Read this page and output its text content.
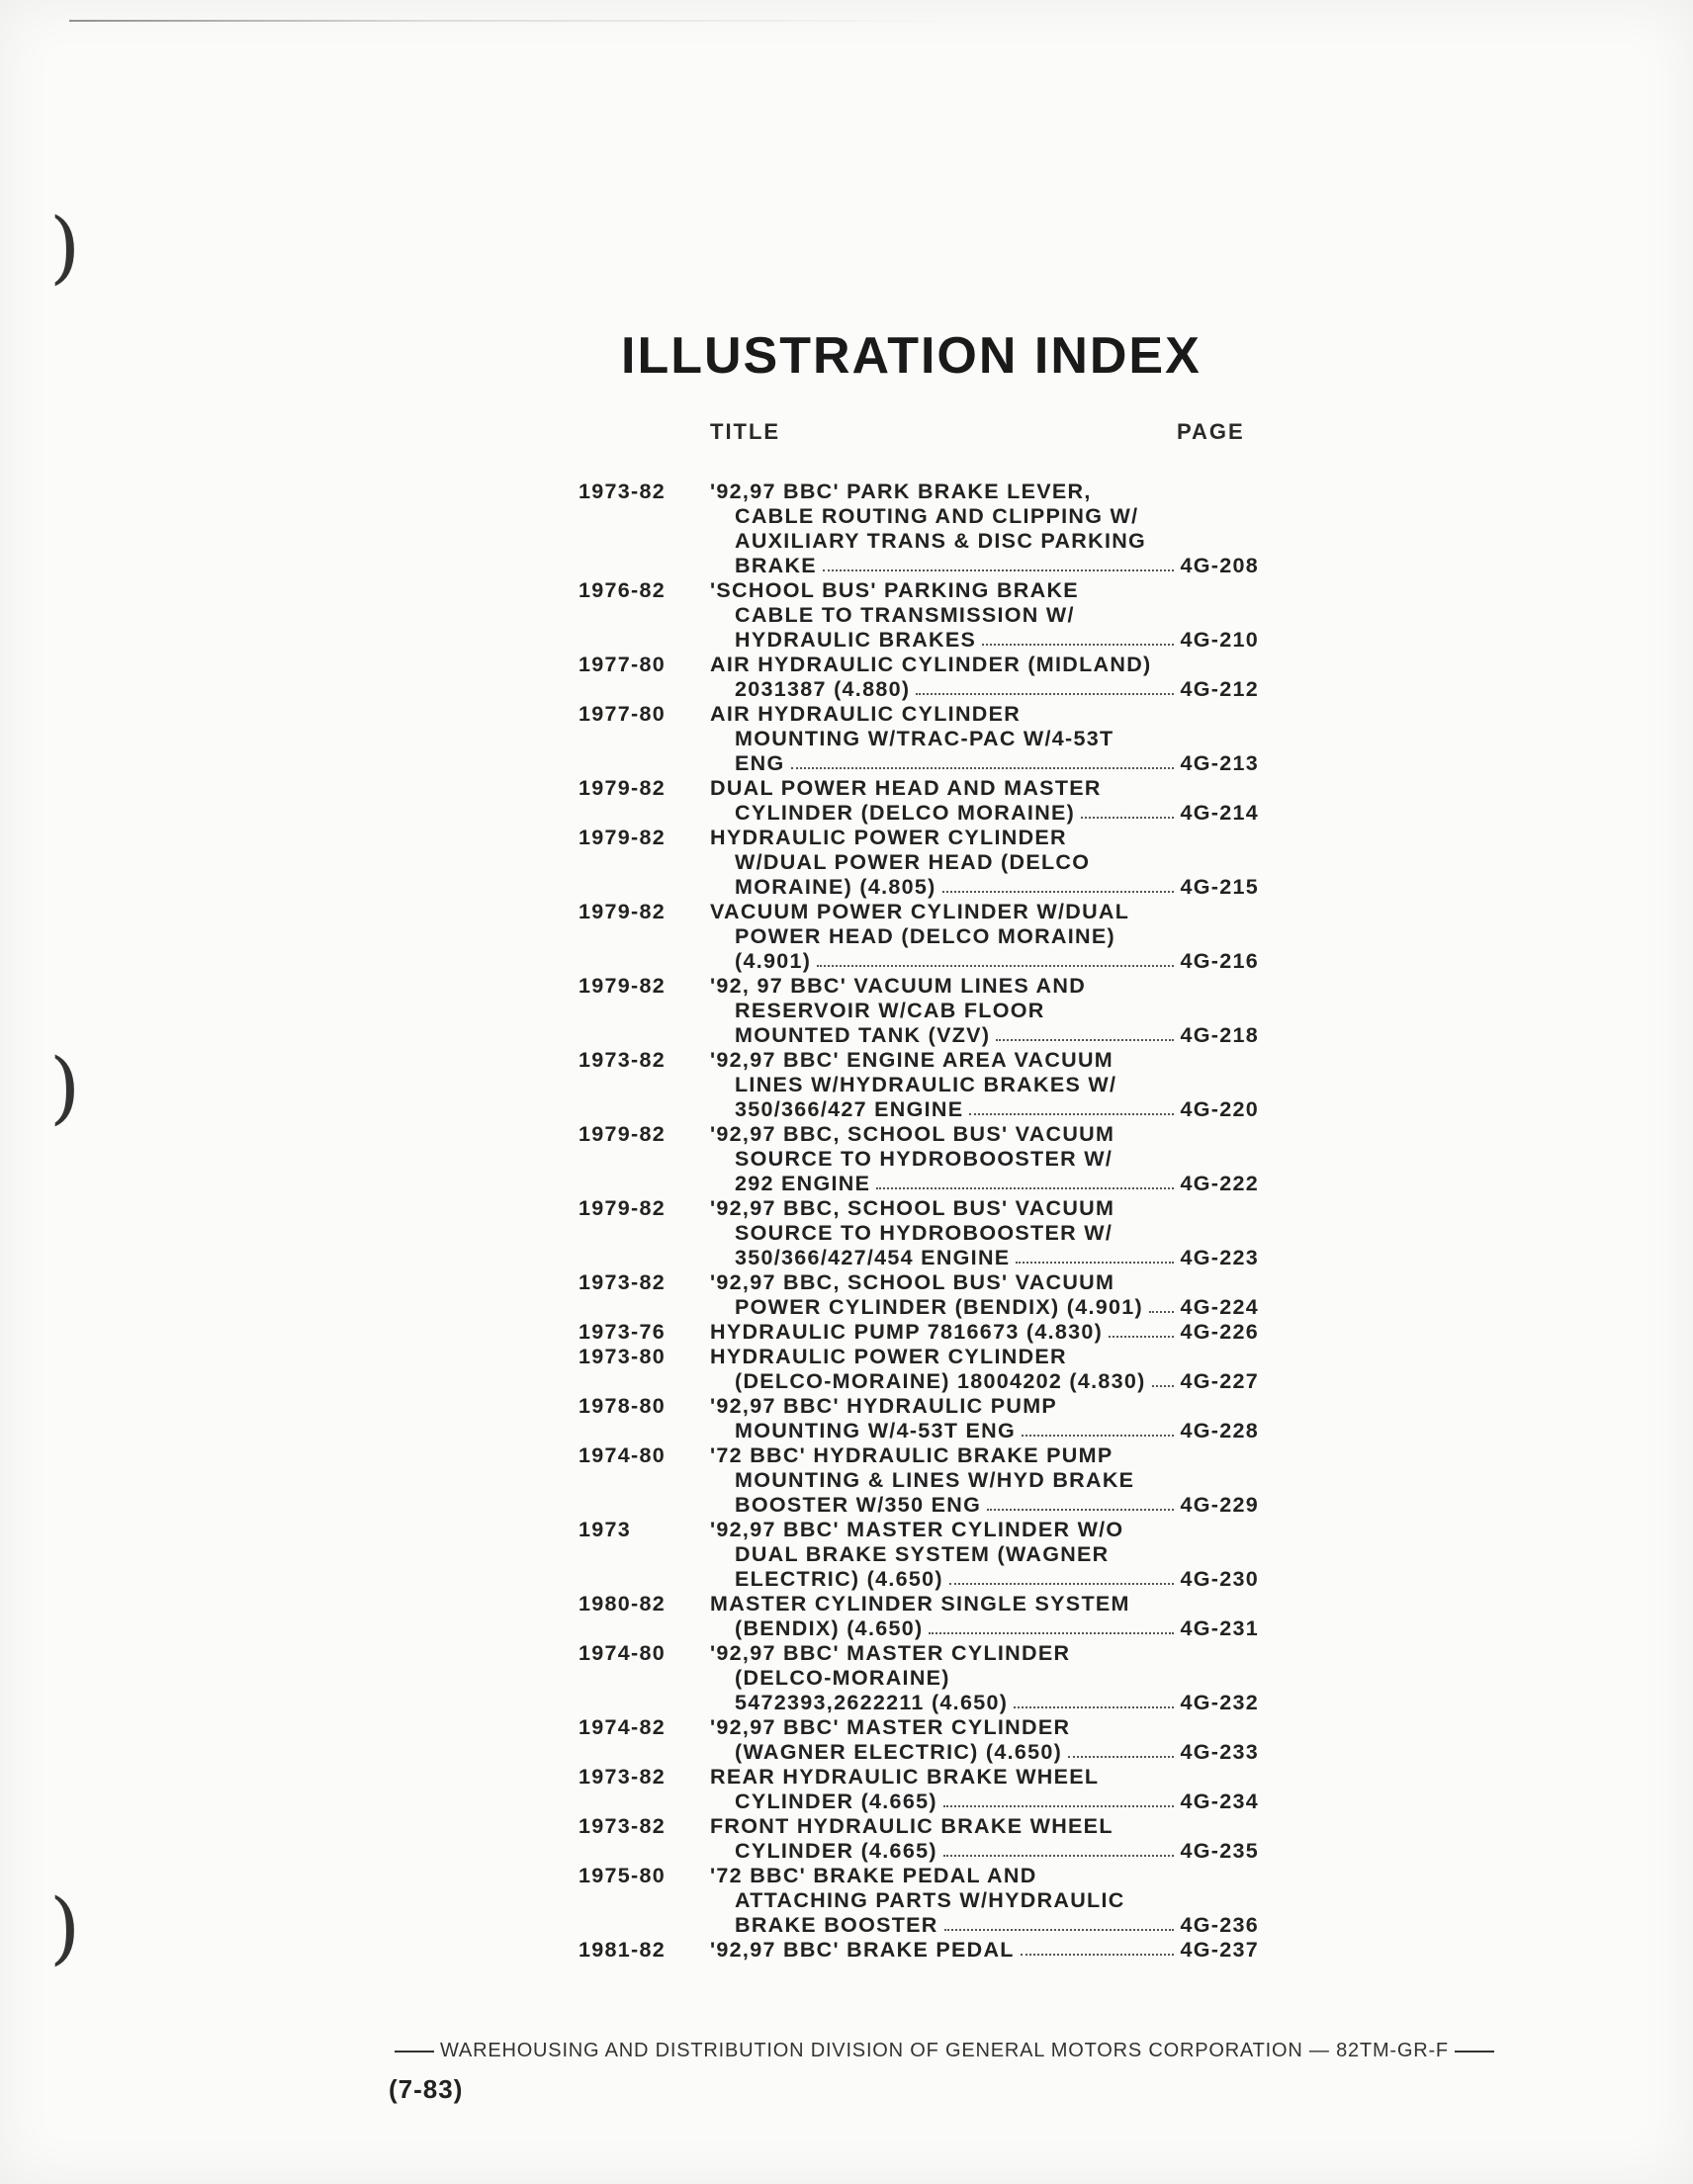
)
)
)
ILLUSTRATION INDEX
TITLE	PAGE
1973-82	'92,97 BBC' PARK BRAKE LEVER,
CABLE ROUTING AND CLIPPING W/
AUXILIARY TRANS & DISC PARKING
BRAKE	4G-208
1976-82	'SCHOOL BUS' PARKING BRAKE
CABLE TO TRANSMISSION W/
HYDRAULIC BRAKES	4G-210
1977-80	AIR HYDRAULIC CYLINDER (MIDLAND)
2031387 (4.880)	4G-212
1977-80	AIR HYDRAULIC CYLINDER
MOUNTING W/TRAC-PAC W/4-53T
ENG	4G-213
1979-82	DUAL POWER HEAD AND MASTER
CYLINDER (DELCO MORAINE)	4G-214
1979-82	HYDRAULIC POWER CYLINDER
W/DUAL POWER HEAD (DELCO
MORAINE) (4.805)	4G-215
1979-82	VACUUM POWER CYLINDER W/DUAL
POWER HEAD (DELCO MORAINE)
(4.901)	4G-216
1979-82	'92, 97 BBC' VACUUM LINES AND
RESERVOIR W/CAB FLOOR
MOUNTED TANK (VZV)	4G-218
1973-82	'92,97 BBC' ENGINE AREA VACUUM
LINES W/HYDRAULIC BRAKES W/
350/366/427 ENGINE	4G-220
1979-82	'92,97 BBC, SCHOOL BUS' VACUUM
SOURCE TO HYDROBOOSTER W/
292 ENGINE	4G-222
1979-82	'92,97 BBC, SCHOOL BUS' VACUUM
SOURCE TO HYDROBOOSTER W/
350/366/427/454 ENGINE	4G-223
1973-82	'92,97 BBC, SCHOOL BUS' VACUUM
POWER CYLINDER (BENDIX) (4.901) 4G-224
1973-76	HYDRAULIC PUMP 7816673 (4.830)	4G-226
1973-80	HYDRAULIC POWER CYLINDER
(DELCO-MORAINE) 18004202 (4.830) 4G-227
1978-80	'92,97 BBC' HYDRAULIC PUMP
MOUNTING W/4-53T ENG	4G-228
1974-80	'72 BBC' HYDRAULIC BRAKE PUMP
MOUNTING & LINES W/HYD BRAKE
BOOSTER W/350 ENG	4G-229
1973	'92,97 BBC' MASTER CYLINDER W/O
DUAL BRAKE SYSTEM (WAGNER
ELECTRIC) (4.650)	4G-230
1980-82	MASTER CYLINDER SINGLE SYSTEM
(BENDIX) (4.650)	4G-231
1974-80	'92,97 BBC' MASTER CYLINDER
(DELCO-MORAINE)
5472393,2622211 (4.650)	4G-232
1974-82	'92,97 BBC' MASTER CYLINDER
(WAGNER ELECTRIC) (4.650)	4G-233
1973-82	REAR HYDRAULIC BRAKE WHEEL
CYLINDER (4.665)	4G-234
1973-82	FRONT HYDRAULIC BRAKE WHEEL
CYLINDER (4.665)	4G-235
1975-80	'72 BBC' BRAKE PEDAL AND
ATTACHING PARTS W/HYDRAULIC
BRAKE BOOSTER	4G-236
1981-82	'92,97 BBC' BRAKE PEDAL	4G-237
WAREHOUSING AND DISTRIBUTION DIVISION OF GENERAL MOTORS CORPORATION — 82TM-GR-F
(7-83)
